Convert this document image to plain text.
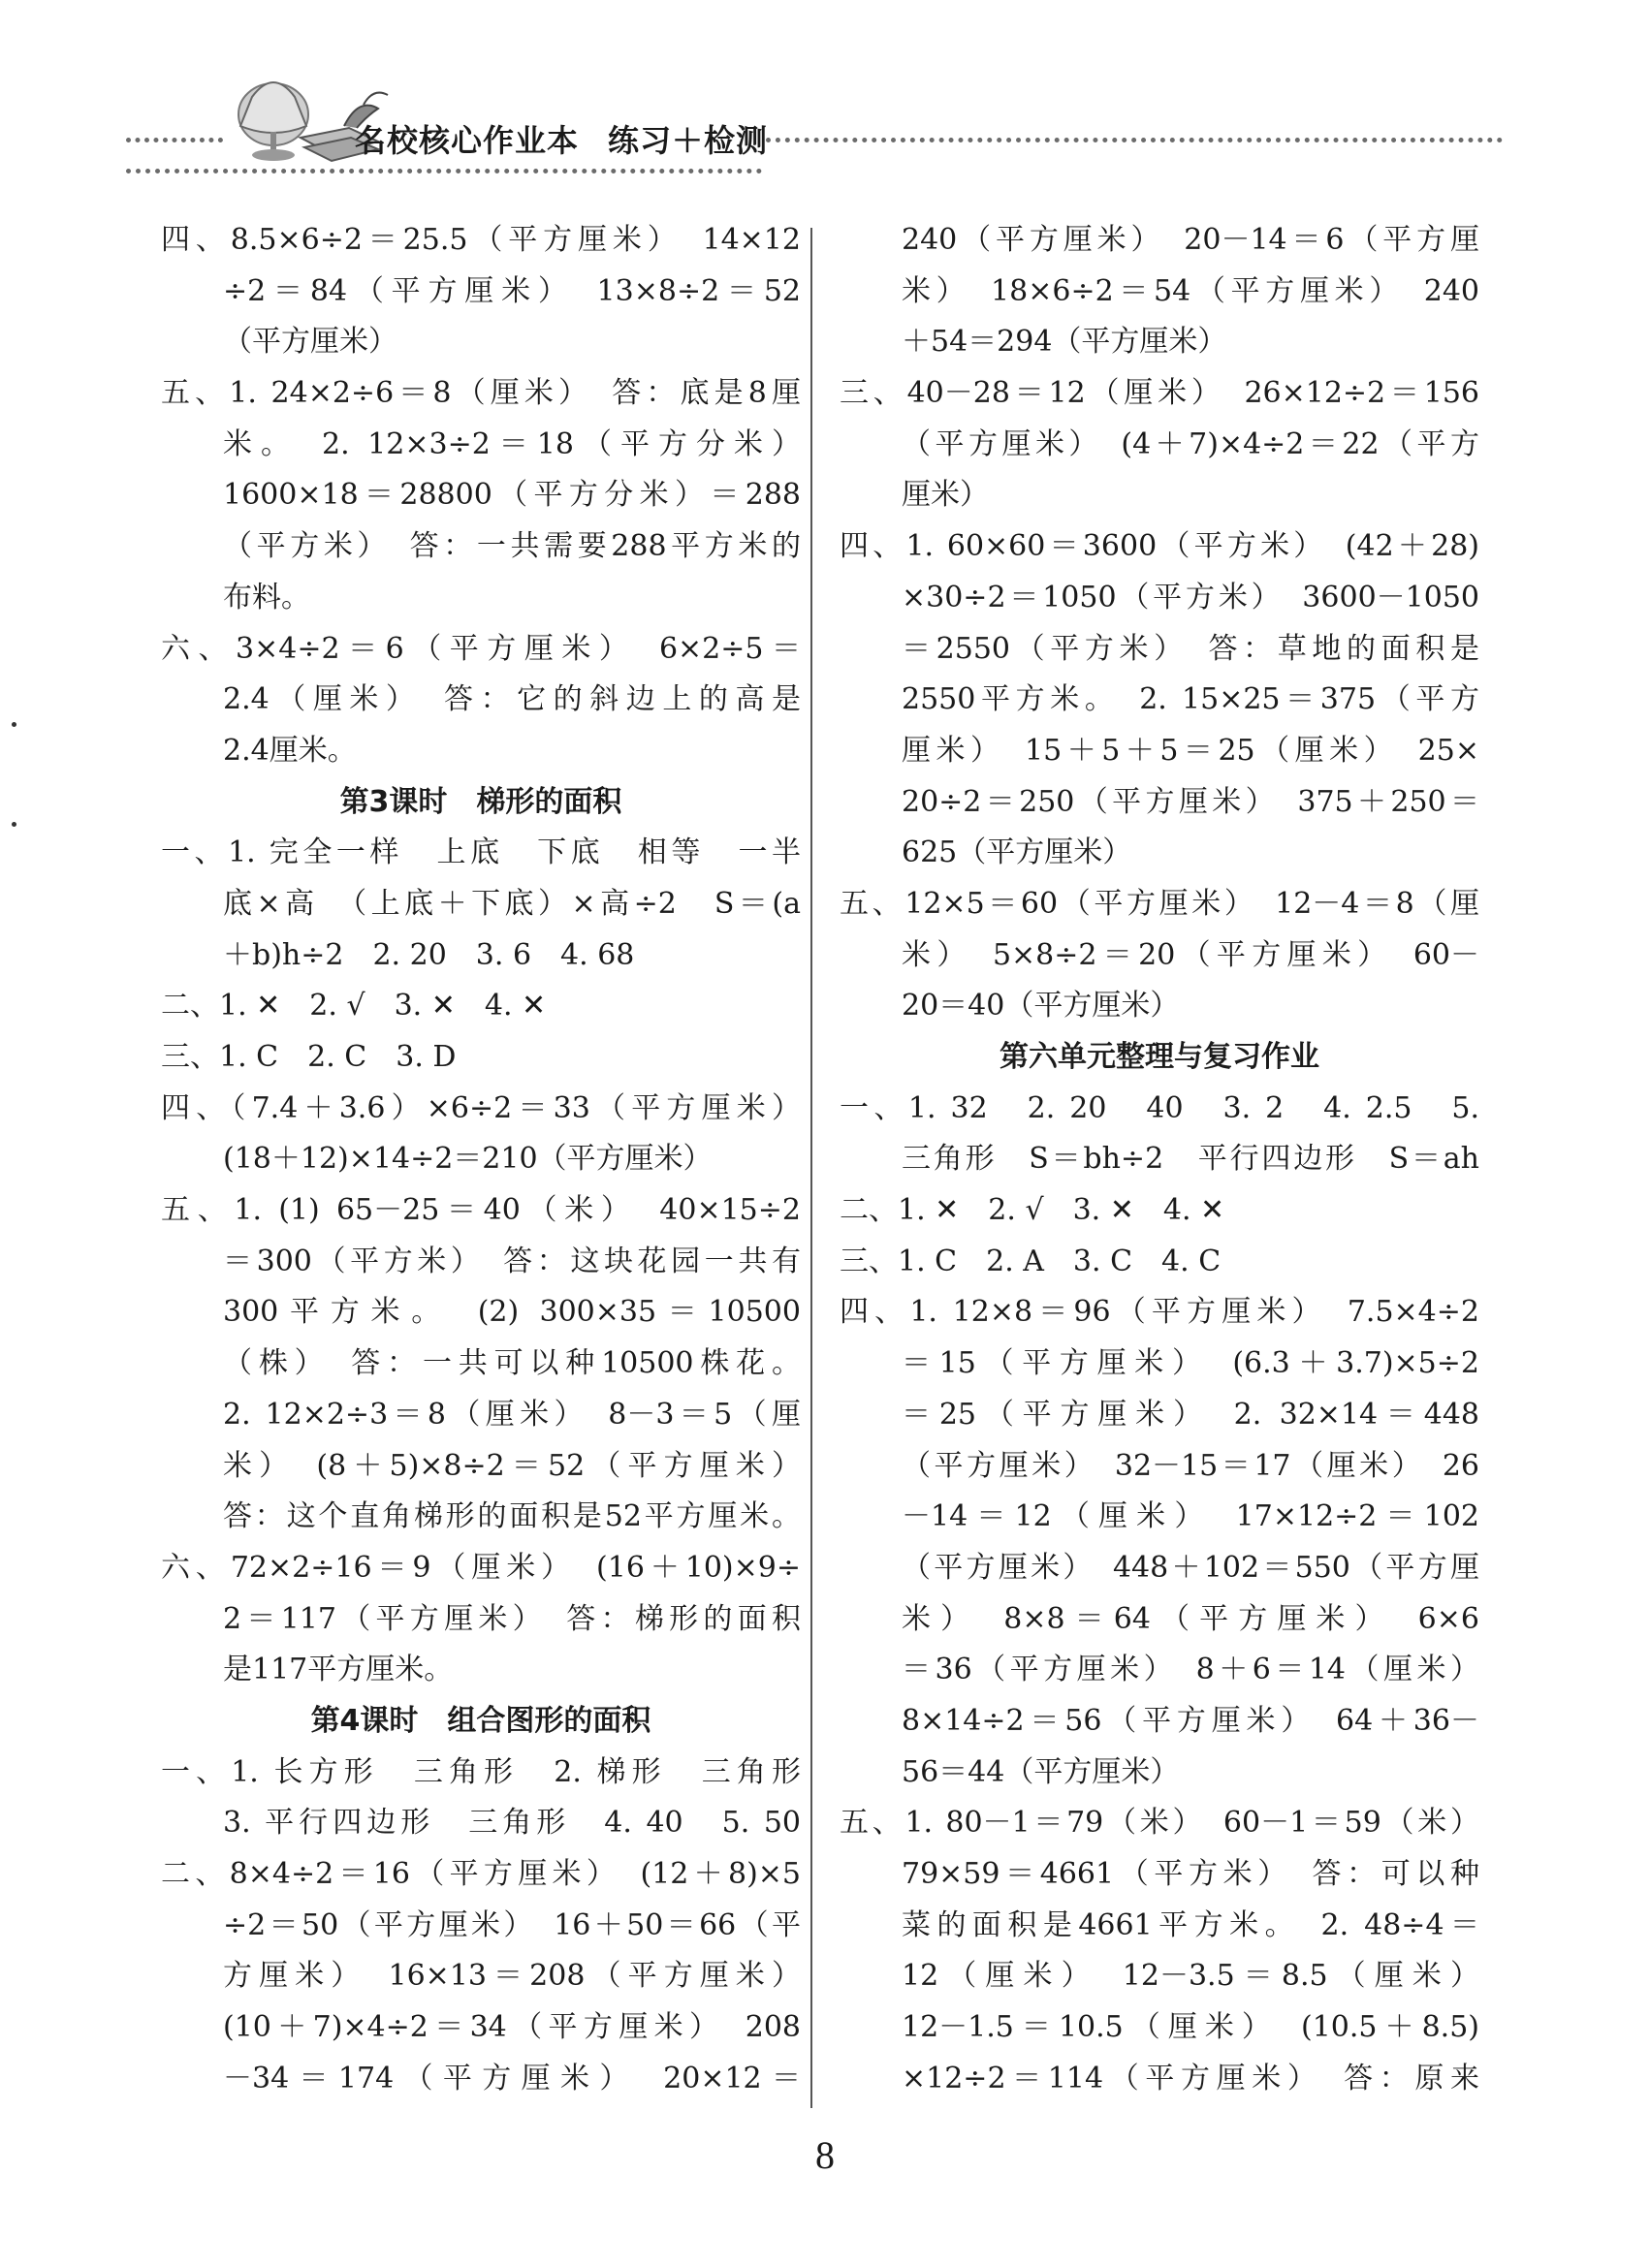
名校核心作业本 练习＋检测
四、8.5×6÷2＝25.5（平方厘米）　14×12
÷2＝84（平方厘米）　13×8÷2＝52
（平方厘米）
五、1. 24×2÷6＝8（厘米）　答：底是8厘
米。　2. 12×3÷2＝18（平方分米）
1600×18＝28800（平方分米）＝288
（平方米）　答：一共需要288平方米的
布料。
六、3×4÷2＝6（平方厘米）　6×2÷5＝
2.4（厘米）　答：它的斜边上的高是
2.4厘米。
第3课时　梯形的面积
一、1. 完全一样　上底　下底　相等　一半
底×高　（上底＋下底）×高÷2　S＝(a
＋b)h÷2　2. 20　3. 6　4. 68
二、1. ✕　2. √　3. ✕　4. ✕
三、1. C　2. C　3. D
四、（7.4＋3.6）×6÷2＝33（平方厘米）
(18＋12)×14÷2＝210（平方厘米）
五、1. (1) 65－25＝40（米）　40×15÷2
＝300（平方米）　答：这块花园一共有
300平方米。　(2) 300×35＝10500
（株）　答：一共可以种10500株花。
2. 12×2÷3＝8（厘米）　8－3＝5（厘
米）　(8＋5)×8÷2＝52（平方厘米）
答：这个直角梯形的面积是52平方厘米。
六、72×2÷16＝9（厘米）　(16＋10)×9÷
2＝117（平方厘米）　答：梯形的面积
是117平方厘米。
第4课时　组合图形的面积
一、1. 长方形　三角形　2. 梯形　三角形
3. 平行四边形　三角形　4. 40　5. 50
二、8×4÷2＝16（平方厘米）　(12＋8)×5
÷2＝50（平方厘米）　16＋50＝66（平
方厘米）　16×13＝208（平方厘米）
(10＋7)×4÷2＝34（平方厘米）　208
－34＝174（平方厘米）　20×12＝
240（平方厘米）　20－14＝6（平方厘
米）　18×6÷2＝54（平方厘米）　240
＋54＝294（平方厘米）
三、40－28＝12（厘米）　26×12÷2＝156
（平方厘米）　(4＋7)×4÷2＝22（平方
厘米）
四、1. 60×60＝3600（平方米）　(42＋28)
×30÷2＝1050（平方米）　3600－1050
＝2550（平方米）　答：草地的面积是
2550平方米。　2. 15×25＝375（平方
厘米）　15＋5＋5＝25（厘米）　25×
20÷2＝250（平方厘米）　375＋250＝
625（平方厘米）
五、12×5＝60（平方厘米）　12－4＝8（厘
米）　5×8÷2＝20（平方厘米）　60－
20＝40（平方厘米）
第六单元整理与复习作业
一、1. 32　2. 20　40　3. 2　4. 2.5　5.
三角形　S＝bh÷2　平行四边形　S＝ah
二、1. ✕　2. √　3. ✕　4. ✕
三、1. C　2. A　3. C　4. C
四、1. 12×8＝96（平方厘米）　7.5×4÷2
＝15（平方厘米）　(6.3＋3.7)×5÷2
＝25（平方厘米）　2. 32×14＝448
（平方厘米）　32－15＝17（厘米）　26
－14＝12（厘米）　17×12÷2＝102
（平方厘米）　448＋102＝550（平方厘
米）　8×8＝64（平方厘米）　6×6
＝36（平方厘米）　8＋6＝14（厘米）
8×14÷2＝56（平方厘米）　64＋36－
56＝44（平方厘米）
五、1. 80－1＝79（米）　60－1＝59（米）
79×59＝4661（平方米）　答：可以种
菜的面积是4661平方米。　2. 48÷4＝
12（厘米）　12－3.5＝8.5（厘米）
12－1.5＝10.5（厘米）　(10.5＋8.5)
×12÷2＝114（平方厘米）　答：原来
8
